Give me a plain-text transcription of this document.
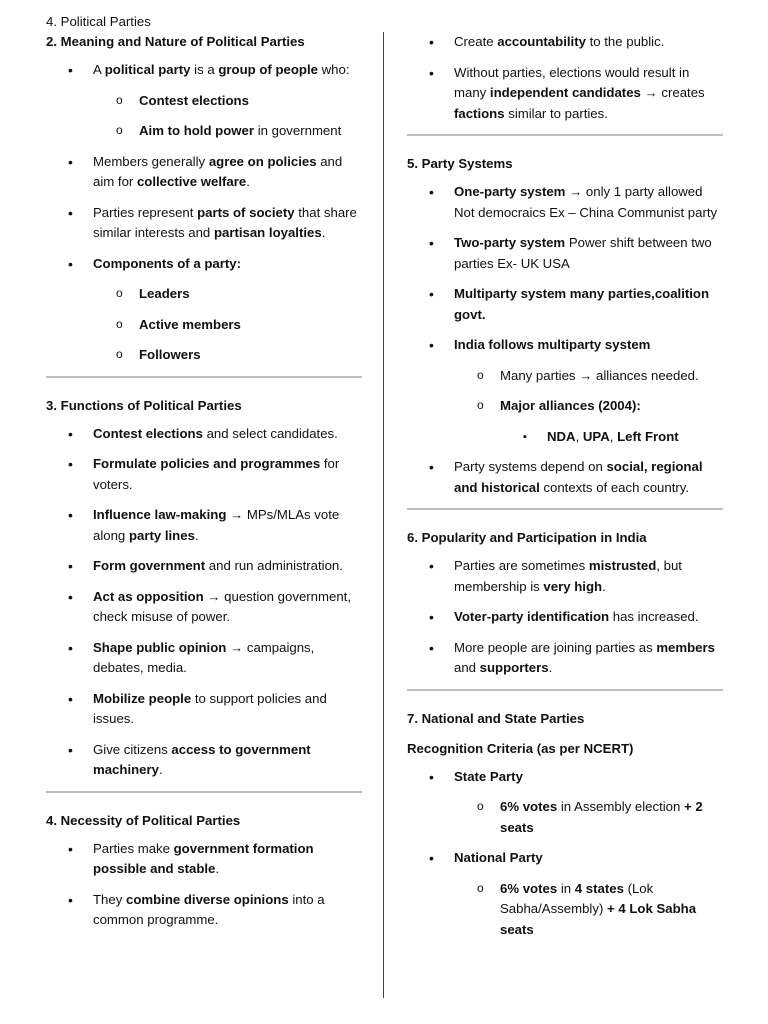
4. Political Parties
2. Meaning and Nature of Political Parties
• A political party is a group of people who:
o Contest elections
o Aim to hold power in government
• Members generally agree on policies and aim for collective welfare.
• Parties represent parts of society that share similar interests and partisan loyalties.
• Components of a party:
o Leaders
o Active members
o Followers
3. Functions of Political Parties
• Contest elections and select candidates.
• Formulate policies and programmes for voters.
• Influence law-making → MPs/MLAs vote along party lines.
• Form government and run administration.
• Act as opposition → question government, check misuse of power.
• Shape public opinion → campaigns, debates, media.
• Mobilize people to support policies and issues.
• Give citizens access to government machinery.
4. Necessity of Political Parties
• Parties make government formation possible and stable.
• They combine diverse opinions into a common programme.
• Create accountability to the public.
• Without parties, elections would result in many independent candidates → creates factions similar to parties.
5. Party Systems
• One-party system → only 1 party allowed Not democraics Ex – China Communist party
• Two-party system Power shift between two parties Ex- UK USA
• Multiparty system many parties,coalition govt.
• India follows multiparty system
o Many parties → alliances needed.
o Major alliances (2004):
▪ NDA, UPA, Left Front
• Party systems depend on social, regional and historical contexts of each country.
6. Popularity and Participation in India
• Parties are sometimes mistrusted, but membership is very high.
• Voter-party identification has increased.
• More people are joining parties as members and supporters.
7. National and State Parties
Recognition Criteria (as per NCERT)
• State Party
o 6% votes in Assembly election + 2 seats
• National Party
o 6% votes in 4 states (Lok Sabha/Assembly) + 4 Lok Sabha seats
